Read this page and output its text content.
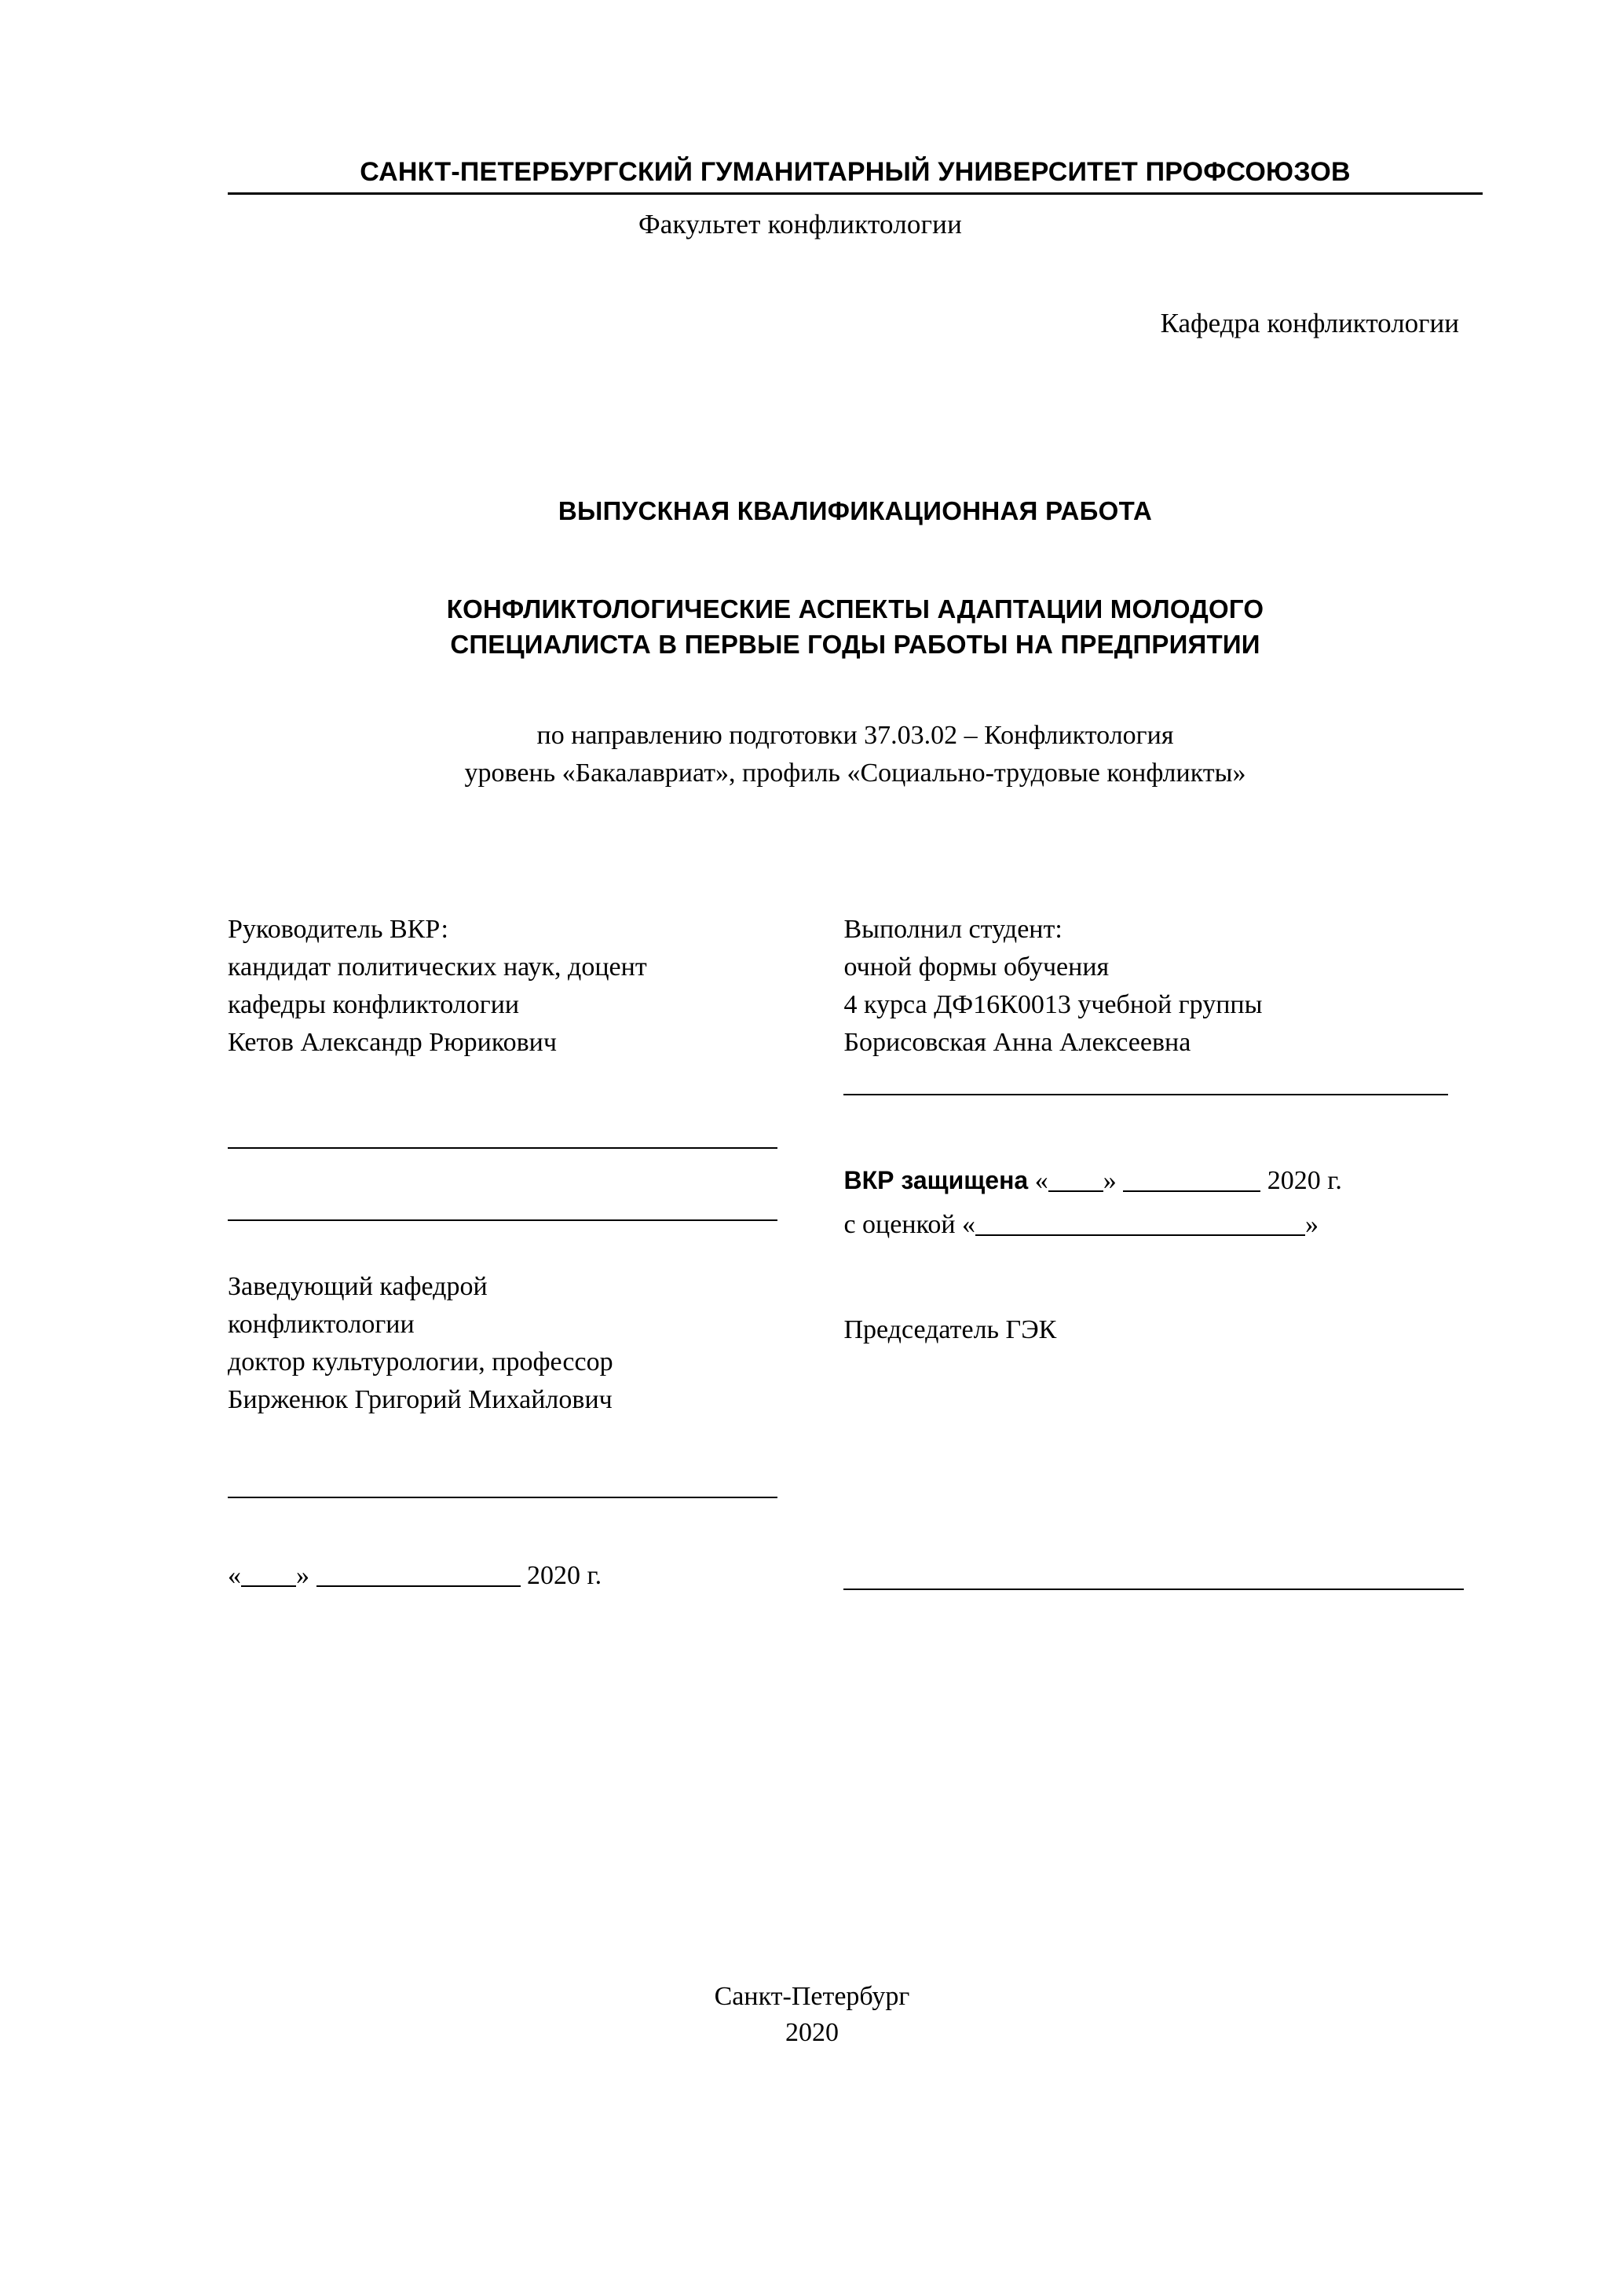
САНКТ-ПЕТЕРБУРГСКИЙ ГУМАНИТАРНЫЙ УНИВЕРСИТЕТ ПРОФСОЮЗОВ
Факультет конфликтологии
Кафедра конфликтологии
ВЫПУСКНАЯ КВАЛИФИКАЦИОННАЯ РАБОТА
КОНФЛИКТОЛОГИЧЕСКИЕ АСПЕКТЫ АДАПТАЦИИ МОЛОДОГО
СПЕЦИАЛИСТА В ПЕРВЫЕ ГОДЫ РАБОТЫ НА ПРЕДПРИЯТИИ
по направлению подготовки 37.03.02 – Конфликтология
уровень «Бакалавриат», профиль «Социально-трудовые конфликты»
Руководитель ВКР:
кандидат политических наук, доцент
кафедры конфликтологии
Кетов Александр Рюрикович
Заведующий кафедрой
конфликтологии
доктор культурологии, профессор
Бирженюк Григорий Михайлович
« »	2020 г.
Выполнил студент:
очной формы обучения
4 курса ДФ16К0013 учебной группы
Борисовская Анна Алексеевна
ВКР защищена « »	2020 г.
с оценкой «	»
Председатель ГЭК
Санкт-Петербург
2020
